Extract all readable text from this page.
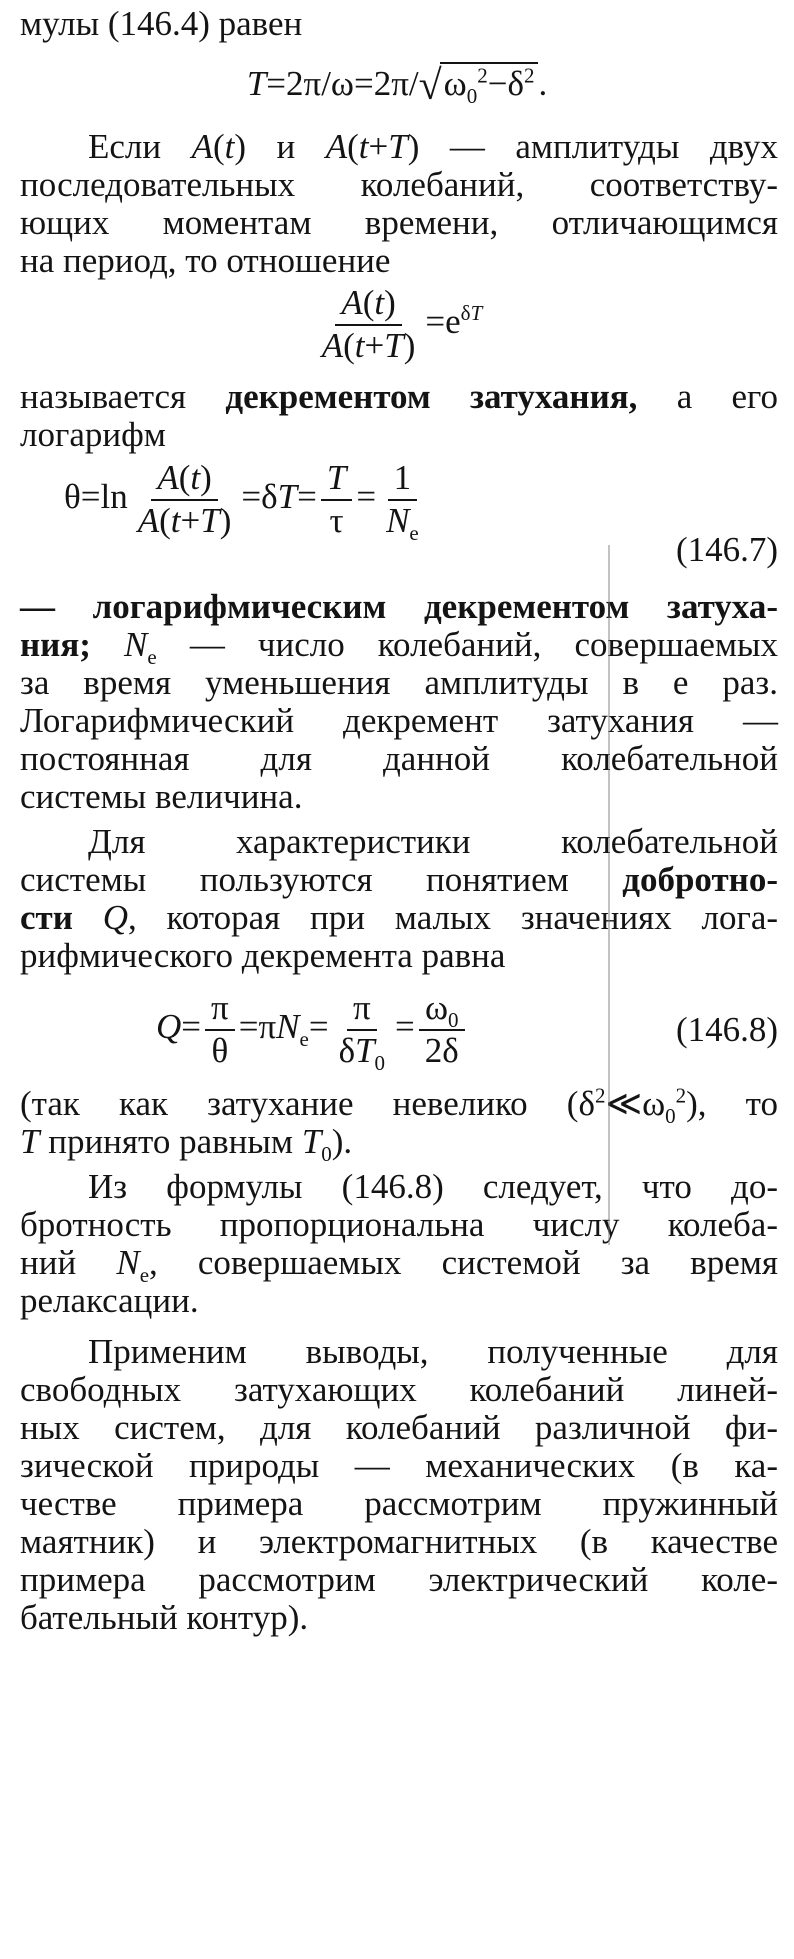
мулы (146.4) равен
$T=2\pi/\omega=2\pi/√\omega_0^2-\delta^2$ .
Если A(t) и A(t+T) — амплитуды двух
последовательных колебаний, соответству-
ющих моментам времени, отличающимся
на период, то отношение
$\frac{A(t)}{A(t+T)} =e^{\delta T}$
называется декрементом затухания, а его
логарифм
$\theta=\ln \frac{A(t)}{A(t+T)} =\delta T= \frac{T}{\tau} = \frac{1}{N_e}$
(146.7)
— логарифмическим декрементом затуха-
ния; $N_e$ — число колебаний, совершаемых
за время уменьшения амплитуды в e раз.
Логарифмический декремент затухания —
постоянная для данной колебательной
системы величина.
Для характеристики колебательной
системы пользуются понятием добротно-
сти Q, которая при малых значениях лога-
рифмического декремента равна
$Q= \frac{\pi}{\theta} =\pi N_e= \frac{\pi}{\delta T_0} = \frac{\omega_0}{2\delta}$	(146.8)
(так как затухание невелико $(\delta^2≪\omega_0^2)$, то
T принято равным $T_0$).
Из формулы (146.8) следует, что до-
бротность пропорциональна числу колеба-
ний $N_e$, совершаемых системой за время
релаксации.
Применим выводы, полученные для
свободных затухающих колебаний линей-
ных систем, для колебаний различной фи-
зической природы — механических (в ка-
честве примера рассмотрим пружинный
маятник) и электромагнитных (в качестве
примера рассмотрим электрический коле-
бательный контур).
